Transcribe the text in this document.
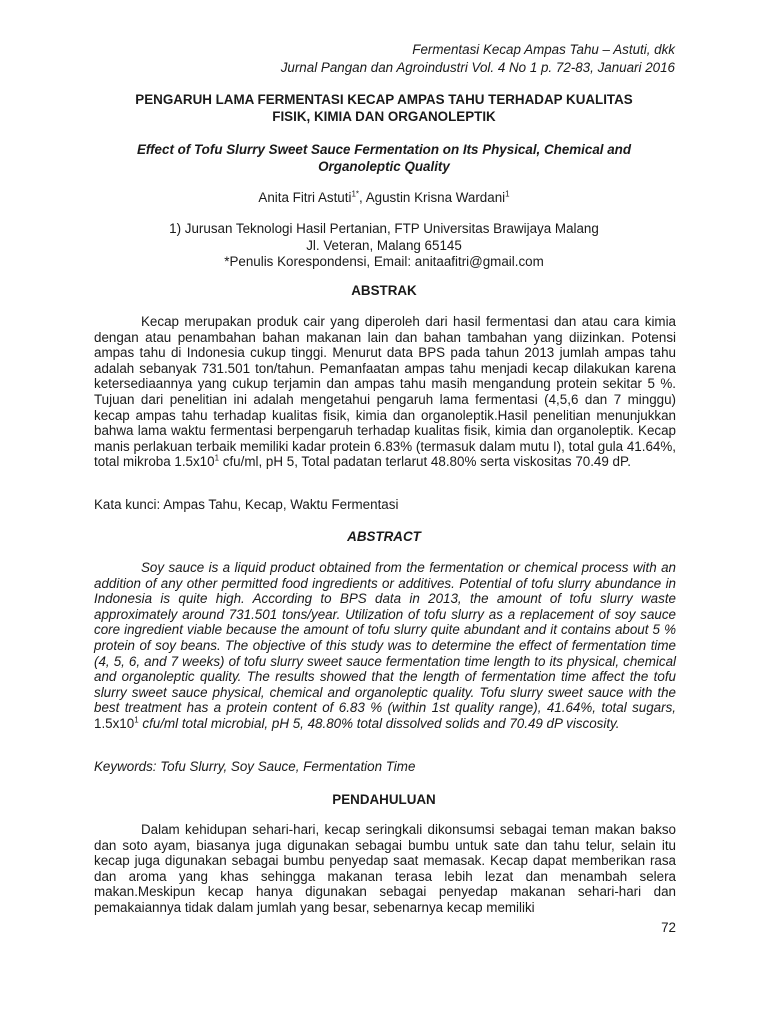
Fermentasi Kecap Ampas Tahu – Astuti, dkk
Jurnal Pangan dan Agroindustri Vol. 4 No 1 p. 72-83, Januari 2016
PENGARUH LAMA FERMENTASI KECAP AMPAS TAHU TERHADAP KUALITAS
FISIK, KIMIA DAN ORGANOLEPTIK
Effect of Tofu Slurry Sweet Sauce Fermentation on Its Physical, Chemical and
Organoleptic Quality
Anita Fitri Astuti$^{1*}$, Agustin Krisna Wardani$^1$
1) Jurusan Teknologi Hasil Pertanian, FTP Universitas Brawijaya Malang
Jl. Veteran, Malang 65145
*Penulis Korespondensi, Email: anitaafitri@gmail.com
ABSTRAK
Kecap merupakan produk cair yang diperoleh dari hasil fermentasi dan atau cara kimia dengan atau penambahan bahan makanan lain dan bahan tambahan yang diizinkan. Potensi ampas tahu di Indonesia cukup tinggi. Menurut data BPS pada tahun 2013 jumlah ampas tahu adalah sebanyak 731.501 ton/tahun. Pemanfaatan ampas tahu menjadi kecap dilakukan karena ketersediaannya yang cukup terjamin dan ampas tahu masih mengandung protein sekitar 5 %. Tujuan dari penelitian ini adalah mengetahui pengaruh lama fermentasi (4,5,6 dan 7 minggu) kecap ampas tahu terhadap kualitas fisik, kimia dan organoleptik.Hasil penelitian menunjukkan bahwa lama waktu fermentasi berpengaruh terhadap kualitas fisik, kimia dan organoleptik. Kecap manis perlakuan terbaik memiliki kadar protein 6.83% (termasuk dalam mutu I), total gula 41.64%, total mikroba $1.5x10^1$ cfu/ml, pH 5, Total padatan terlarut 48.80% serta viskositas 70.49 dP.
Kata kunci: Ampas Tahu, Kecap, Waktu Fermentasi
ABSTRACT
Soy sauce is a liquid product obtained from the fermentation or chemical process with an addition of any other permitted food ingredients or additives. Potential of tofu slurry abundance in Indonesia is quite high. According to BPS data in 2013, the amount of tofu slurry waste approximately around 731.501 tons/year. Utilization of tofu slurry as a replacement of soy sauce core ingredient viable because the amount of tofu slurry quite abundant and it contains about 5 % protein of soy beans. The objective of this study was to determine the effect of fermentation time (4, 5, 6, and 7 weeks) of tofu slurry sweet sauce fermentation time length to its physical, chemical and organoleptic quality. The results showed that the length of fermentation time affect the tofu slurry sweet sauce physical, chemical and organoleptic quality. Tofu slurry sweet sauce with the best treatment has a protein content of 6.83 % (within 1st quality range), 41.64%, total sugars, $1.5x10^1$ cfu/ml total microbial, pH 5, 48.80% total dissolved solids and 70.49 dP viscosity.
Keywords: Tofu Slurry, Soy Sauce, Fermentation Time
PENDAHULUAN
Dalam kehidupan sehari-hari, kecap seringkali dikonsumsi sebagai teman makan bakso dan soto ayam, biasanya juga digunakan sebagai bumbu untuk sate dan tahu telur, selain itu kecap juga digunakan sebagai bumbu penyedap saat memasak. Kecap dapat memberikan rasa dan aroma yang khas sehingga makanan terasa lebih lezat dan menambah selera makan.Meskipun kecap hanya digunakan sebagai penyedap makanan sehari-hari dan pemakaiannya tidak dalam jumlah yang besar, sebenarnya kecap memiliki
72
